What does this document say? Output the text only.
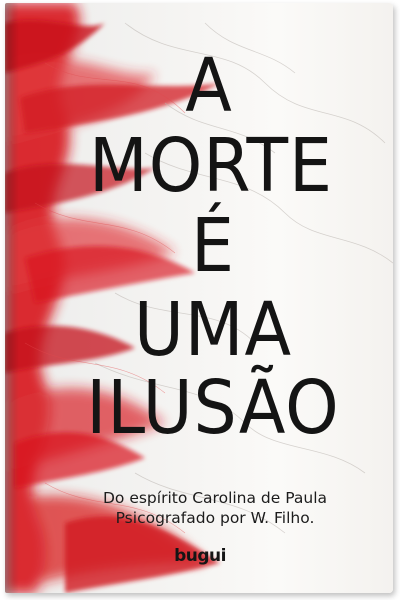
A
MORTE
É
UMA
ILUSÃO

Do espírito Carolina de Paula

Psicografado por W. Filho.

bugui
